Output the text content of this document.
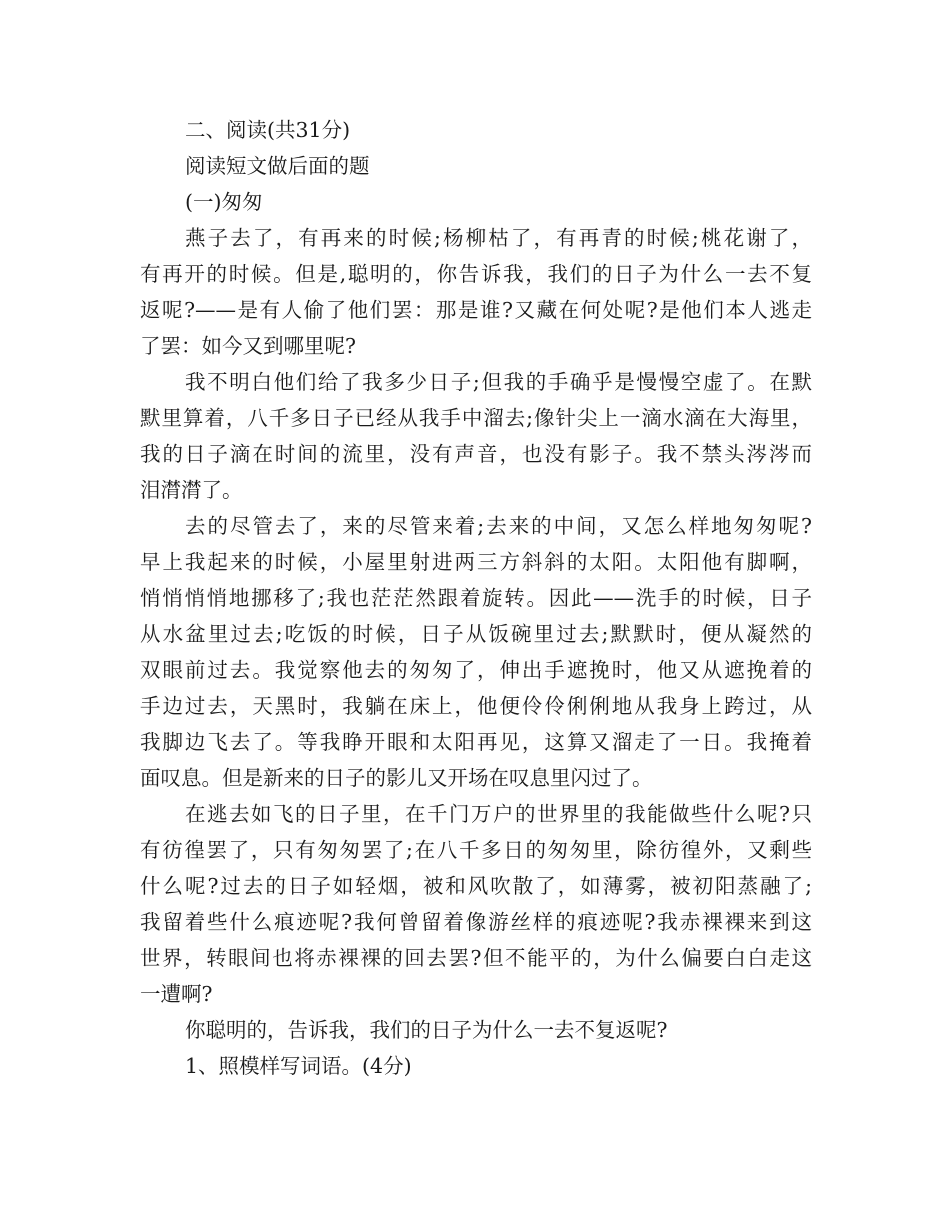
二、阅读(共31分)
阅读短文做后面的题
(一)匆匆
燕子去了，有再来的时候;杨柳枯了，有再青的时候;桃花谢了，
有再开的时候。但是,聪明的，你告诉我，我们的日子为什么一去不复
返呢?——是有人偷了他们罢：那是谁?又藏在何处呢?是他们本人逃走
了罢：如今又到哪里呢?
我不明白他们给了我多少日子;但我的手确乎是慢慢空虚了。在默
默里算着，八千多日子已经从我手中溜去;像针尖上一滴水滴在大海里，
我的日子滴在时间的流里，没有声音，也没有影子。我不禁头涔涔而
泪潸潸了。
去的尽管去了，来的尽管来着;去来的中间，又怎么样地匆匆呢?
早上我起来的时候，小屋里射进两三方斜斜的太阳。太阳他有脚啊，
悄悄悄悄地挪移了;我也茫茫然跟着旋转。因此——洗手的时候，日子
从水盆里过去;吃饭的时候，日子从饭碗里过去;默默时，便从凝然的
双眼前过去。我觉察他去的匆匆了，伸出手遮挽时，他又从遮挽着的
手边过去，天黑时，我躺在床上，他便伶伶俐俐地从我身上跨过，从
我脚边飞去了。等我睁开眼和太阳再见，这算又溜走了一日。我掩着
面叹息。但是新来的日子的影儿又开场在叹息里闪过了。
在逃去如飞的日子里，在千门万户的世界里的我能做些什么呢?只
有彷徨罢了，只有匆匆罢了;在八千多日的匆匆里，除彷徨外，又剩些
什么呢?过去的日子如轻烟，被和风吹散了，如薄雾，被初阳蒸融了;
我留着些什么痕迹呢?我何曾留着像游丝样的痕迹呢?我赤裸裸来到这
世界，转眼间也将赤裸裸的回去罢?但不能平的，为什么偏要白白走这
一遭啊?
你聪明的，告诉我，我们的日子为什么一去不复返呢?
1、照模样写词语。(4分)
